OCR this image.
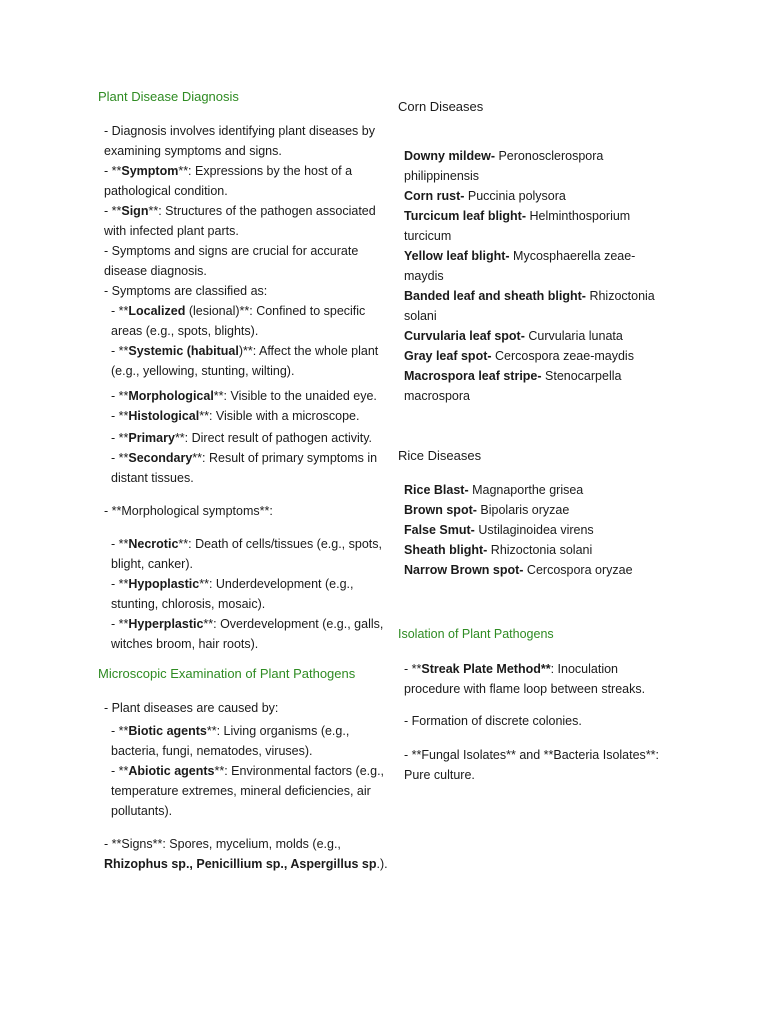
Plant Disease Diagnosis
- Diagnosis involves identifying plant diseases by examining symptoms and signs.
- **Symptom**: Expressions by the host of a pathological condition.
- **Sign**: Structures of the pathogen associated with infected plant parts.
- Symptoms and signs are crucial for accurate disease diagnosis.
- Symptoms are classified as:
- **Localized (lesional)**: Confined to specific areas (e.g., spots, blights).
- **Systemic (habitual)**: Affect the whole plant (e.g., yellowing, stunting, wilting).
- **Morphological**: Visible to the unaided eye.
- **Histological**: Visible with a microscope.
- **Primary**: Direct result of pathogen activity.
- **Secondary**: Result of primary symptoms in distant tissues.
- **Morphological symptoms**:
- **Necrotic**: Death of cells/tissues (e.g., spots, blight, canker).
- **Hypoplastic**: Underdevelopment (e.g., stunting, chlorosis, mosaic).
- **Hyperplastic**: Overdevelopment (e.g., galls, witches broom, hair roots).
Microscopic Examination of Plant Pathogens
- Plant diseases are caused by:
- **Biotic agents**: Living organisms (e.g., bacteria, fungi, nematodes, viruses).
- **Abiotic agents**: Environmental factors (e.g., temperature extremes, mineral deficiencies, air pollutants).
- **Signs**: Spores, mycelium, molds (e.g., Rhizophus sp., Penicillium sp., Aspergillus sp.).
Corn Diseases
Downy mildew- Peronosclerospora philippinensis
Corn rust- Puccinia polysora
Turcicum leaf blight- Helminthosporium turcicum
Yellow leaf blight- Mycosphaerella zeae-maydis
Banded leaf and sheath blight- Rhizoctonia solani
Curvularia leaf spot- Curvularia lunata
Gray leaf spot- Cercospora zeae-maydis
Macrospora leaf stripe- Stenocarpella macrospora
Rice Diseases
Rice Blast- Magnaporthe grisea
Brown spot- Bipolaris oryzae
False Smut- Ustilaginoidea virens
Sheath blight- Rhizoctonia solani
Narrow Brown spot- Cercospora oryzae
Isolation of Plant Pathogens
- **Streak Plate Method**: Inoculation procedure with flame loop between streaks.
- Formation of discrete colonies.
- **Fungal Isolates** and **Bacteria Isolates**: Pure culture.
